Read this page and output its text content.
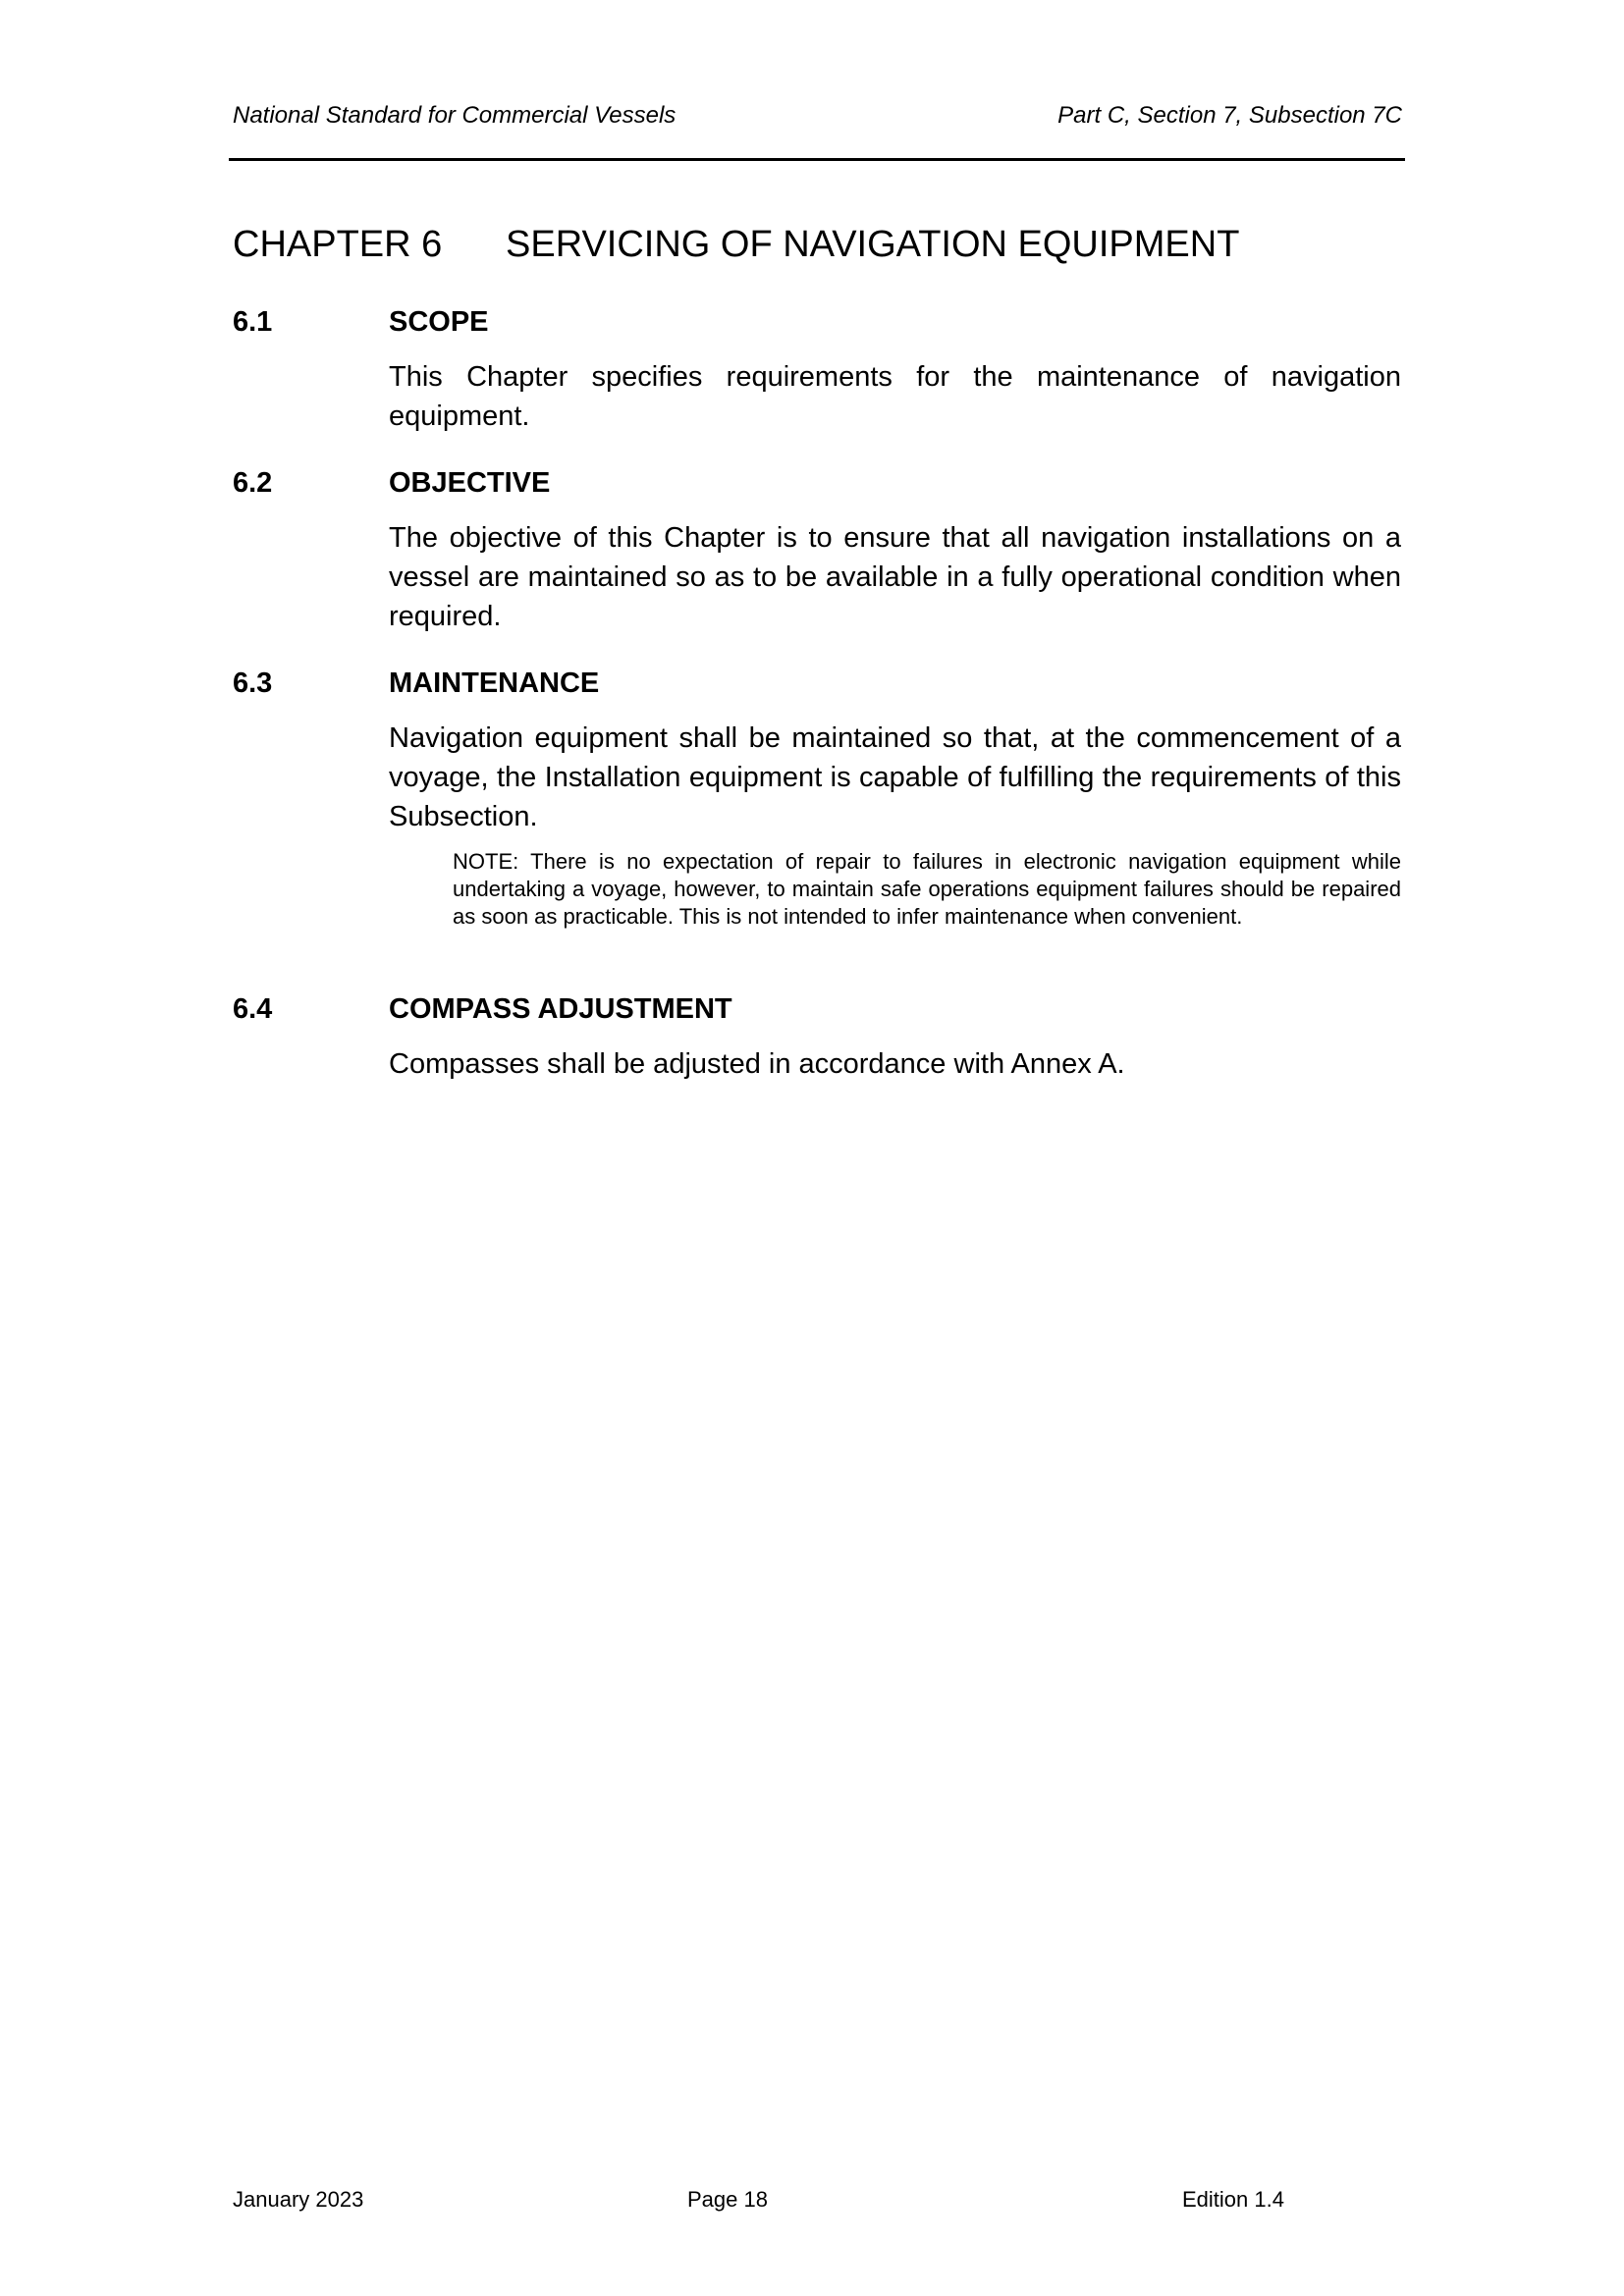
National Standard for Commercial Vessels	Part C, Section 7, Subsection 7C
CHAPTER 6 SERVICING OF NAVIGATION EQUIPMENT
6.1	SCOPE
This Chapter specifies requirements for the maintenance of navigation equipment.
6.2	OBJECTIVE
The objective of this Chapter is to ensure that all navigation installations on a vessel are maintained so as to be available in a fully operational condition when required.
6.3	MAINTENANCE
Navigation equipment shall be maintained so that, at the commencement of a voyage, the Installation equipment is capable of fulfilling the requirements of this Subsection.
NOTE: There is no expectation of repair to failures in electronic navigation equipment while undertaking a voyage, however, to maintain safe operations equipment failures should be repaired as soon as practicable. This is not intended to infer maintenance when convenient.
6.4	COMPASS ADJUSTMENT
Compasses shall be adjusted in accordance with Annex A.
January 2023	Page 18	Edition 1.4
